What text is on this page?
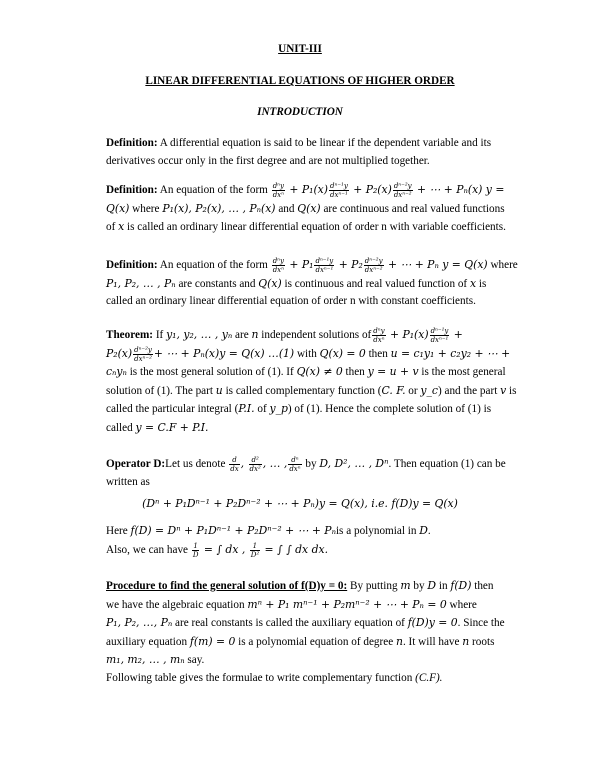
UNIT-III
LINEAR DIFFERENTIAL EQUATIONS OF HIGHER ORDER
INTRODUCTION
Definition: A differential equation is said to be linear if the dependent variable and its
derivatives occur only in the first degree and are not multiplied together.
Definition: An equation of the form dⁿy
dxⁿ + P₁(x) dⁿ⁻¹y
dxⁿ⁻¹ + P₂(x) dⁿ⁻²y
dxⁿ⁻² + ⋯ + Pₙ(x) y =
Q(x) where P₁(x), P₂(x), … , Pₙ(x) and Q(x) are continuous and real valued functions
of x is called an ordinary linear differential equation of order n with variable coefficients.
Definition: An equation of the form dⁿy
dxⁿ + P₁ dⁿ⁻¹y
dxⁿ⁻¹ + P₂ dⁿ⁻²y
dxⁿ⁻² + ⋯ + Pₙ y = Q(x) where
P₁, P₂, … , Pₙ are constants and Q(x) is continuous and real valued function of x is
called an ordinary linear differential equation of order n with constant coefficients.
Theorem: If y₁, y₂, … , yₙ are n independent solutions of dⁿy
dxⁿ + P₁(x) dⁿ⁻¹y
dxⁿ⁻¹ +
P₂(x) dⁿ⁻²y
dxⁿ⁻² + ⋯ + Pₙ(x)y = Q(x) …(1) with Q(x) = 0 then u = c₁y₁ + c₂y₂ + ⋯ +
cₙyₙ is the most general solution of (1). If Q(x) ≠ 0 then y = u + v is the most general
solution of (1). The part u is called complementary function (C. F. or y_c) and the part v is
called the particular integral (P.I. of y_p) of (1). Hence the complete solution of (1) is
called y = C.F + P.I.
Operator D:Let us denote $\frac{d}{dx}$ , $\frac{\text{d²}}{\text{dx²}}$ , … , dⁿ
dxⁿ by D, D², … , Dⁿ. Then equation (1) can be
written as
(Dⁿ + P₁Dⁿ⁻¹ + P₂Dⁿ⁻² + ⋯ + Pₙ)y = Q(x), i.e. f(D)y = Q(x)
Here f(D) = Dⁿ + P₁Dⁿ⁻¹ + P₂Dⁿ⁻² + ⋯ + Pₙis a polynomial in D.
Also, we can have $\frac{1}{D}$ = ∫ dx , $\frac{1}{\text{D²}}$ = ∫ ∫ dx dx.
Procedure to find the general solution of f(D)y = 0: By putting m by D in f(D) then
we have the algebraic equation mⁿ + P₁ mⁿ⁻¹ + P₂mⁿ⁻² + ⋯ + Pₙ = 0 where
P₁, P₂, …, Pₙ are real constants is called the auxiliary equation of f(D)y = 0. Since the
auxiliary equation f(m) = 0 is a polynomial equation of degree n. It will have n roots
m₁, m₂, … , mₙ say.
Following table gives the formulae to write complementary function (C.F).
